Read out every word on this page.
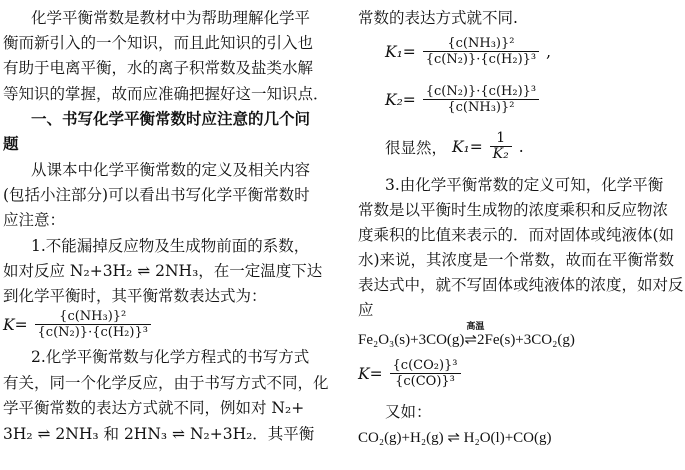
化学平衡常数是教材中为帮助理解化学平
衡而新引入的一个知识，而且此知识的引入也
有助于电离平衡，水的离子积常数及盐类水解
等知识的掌握，故而应准确把握好这一知识点．
一、书写化学平衡常数时应注意的几个问
题
从课本中化学平衡常数的定义及相关内容
(包括小注部分)可以看出书写化学平衡常数时
应注意：
1.不能漏掉反应物及生成物前面的系数，
如对反应 N₂+3H₂ ⇌ 2NH₃，在一定温度下达
到化学平衡时，其平衡常数表达式为：
$K= \frac{\text{\{c(NH₃)\}²}}{\text{\{c(N₂)\}·\{c(H₂)\}³}}$
2.化学平衡常数与化学方程式的书写方式
有关，同一个化学反应，由于书写方式不同，化
学平衡常数的表达方式就不同，例如对 N₂+
3H₂ ⇌ 2NH₃ 和 2HN₃ ⇌ N₂+3H₂．其平衡
常数的表达方式就不同.
$K_1= \frac{\text{\{c(NH₃)\}²}}{\text{\{c(N₂)\}·\{c(H₂)\}³}}$ ,
$K_2= \frac{\text{\{c(N₂)\}·\{c(H₂)\}³}}{\text{\{c(NH₃)\}²}}$
很显然， $K_1= \frac{1}{\text{K₂}}$ .
3.由化学平衡常数的定义可知，化学平衡
常数是以平衡时生成物的浓度乘积和反应物浓
度乘积的比值来表示的．而对固体或纯液体(如
水)来说，其浓度是一个常数，故而在平衡常数
表达式中，就不写固体或纯液体的浓度，如对反
应
Fe₂O₃(s)+3CO(g)
高温
⇌2Fe(s)+3CO₂(g)
$K= \frac{\text{\{c(CO₂)\}³}}{\text{\{c(CO)\}³}}$
又如：
CO₂(g)+H₂(g) ⇌ H₂O(l)+CO(g)
